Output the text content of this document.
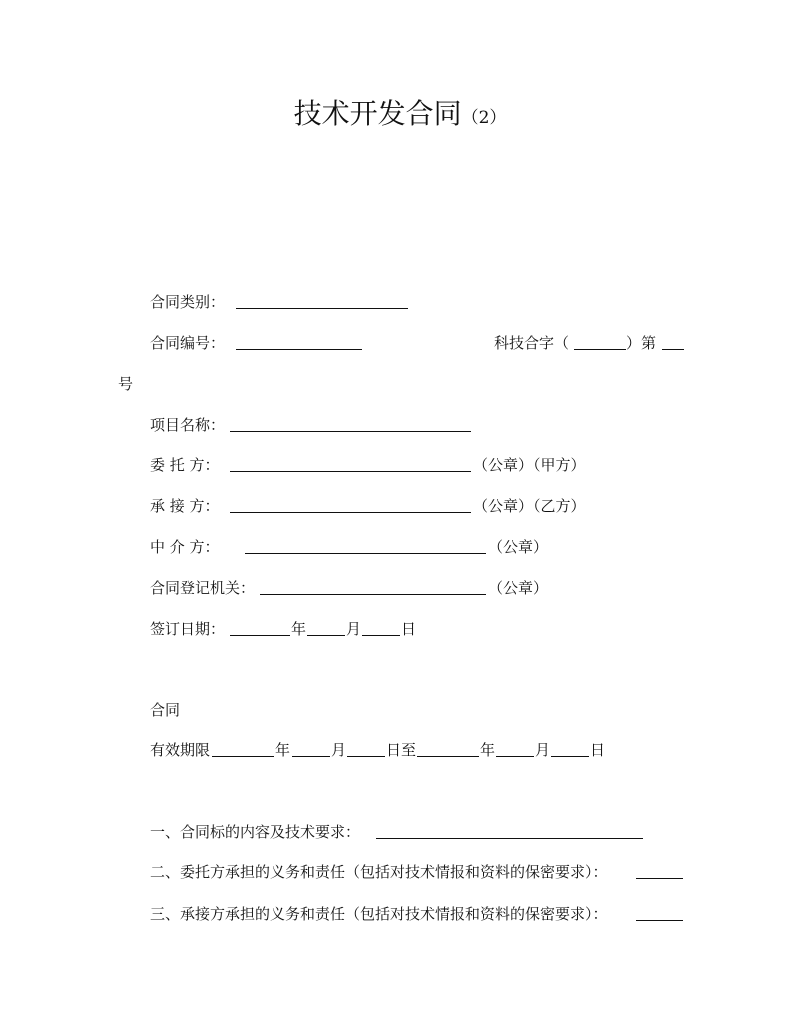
技术开发合同（2）
合同类别：
合同编号：	科技合字（	）第
号
项目名称：
委 托 方：	（公章）（甲方）
承 接 方：	（公章）（乙方）
中 介 方：	（公章）
合同登记机关：	（公章）
签订日期：	年	月	日
合同
有效期限	年	月	日至	年	月	日
一、合同标的内容及技术要求：
二、委托方承担的义务和责任（包括对技术情报和资料的保密要求）：
三、承接方承担的义务和责任（包括对技术情报和资料的保密要求）：
